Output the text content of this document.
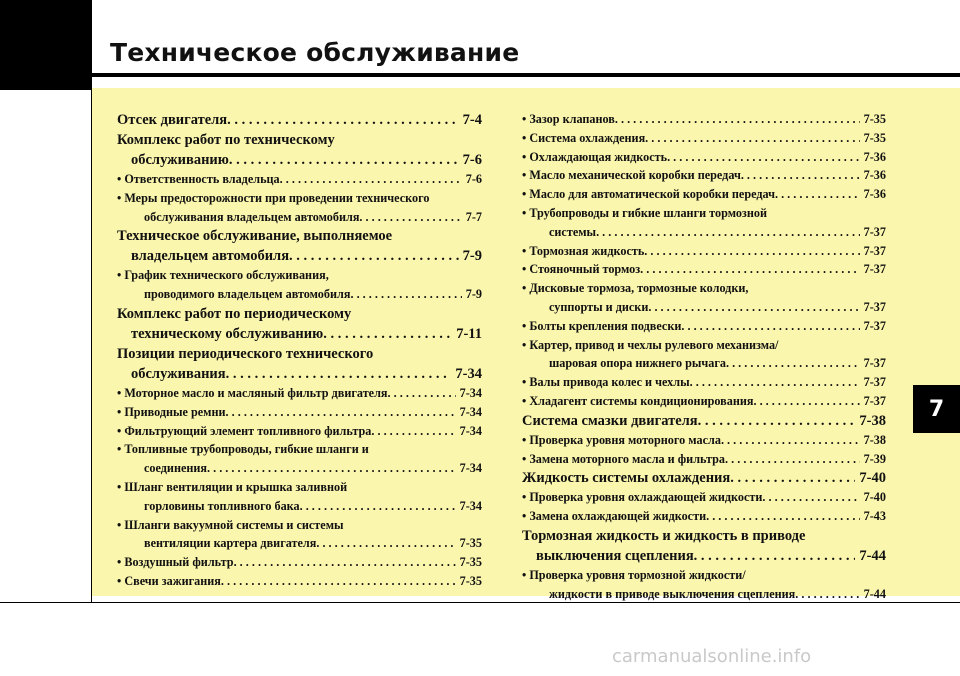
Техническое обслуживание
Отсек двигателя . . .	7-4
Комплекс работ по техническому
обслуживанию . . .	7-6
• Ответственность владельца . . .	7-6
• Меры предосторожности при проведении технического
обслуживания владельцем автомобиля . . .	7-7
Техническое обслуживание, выполняемое
владельцем автомобиля . . .	7-9
• График технического обслуживания,
проводимого владельцем автомобиля . . .	7-9
Комплекс работ по периодическому
техническому обслуживанию . . .	7-11
Позиции периодического технического
обслуживания . . .	7-34
• Моторное масло и масляный фильтр двигателя . . .	7-34
• Приводные ремни . . .	7-34
• Фильтрующий элемент топливного фильтра . . .	7-34
• Топливные трубопроводы, гибкие шланги и
соединения . . .	7-34
• Шланг вентиляции и крышка заливной
горловины топливного бака . . .	7-34
• Шланги вакуумной системы и системы
вентиляции картера двигателя . . .	7-35
• Воздушный фильтр . . .	7-35
• Свечи зажигания . . .	7-35
• Зазор клапанов . . .	7-35
• Система охлаждения . . .	7-35
• Охлаждающая жидкость . . .	7-36
• Масло механической коробки передач . . .	7-36
• Масло для автоматической коробки передач . . .	7-36
• Трубопроводы и гибкие шланги тормозной
системы . . .	7-37
• Тормозная жидкость . . .	7-37
• Стояночный тормоз . . .	7-37
• Дисковые тормоза, тормозные колодки,
суппорты и диски . . .	7-37
• Болты крепления подвески . . .	7-37
• Картер, привод и чехлы рулевого механизма/
шаровая опора нижнего рычага . . .	7-37
• Валы привода колес и чехлы . . .	7-37
• Хладагент системы кондиционирования . . .	7-37
Система смазки двигателя . . .	7-38
• Проверка уровня моторного масла . . .	7-38
• Замена моторного масла и фильтра . . .	7-39
Жидкость системы охлаждения . . .	7-40
• Проверка уровня охлаждающей жидкости . . .	7-40
• Замена охлаждающей жидкости . . .	7-43
Тормозная жидкость и жидкость в приводе
выключения сцепления . . .	7-44
• Проверка уровня тормозной жидкости/
жидкости в приводе выключения сцепления . . .	7-44
7
carmanualsonline.info
